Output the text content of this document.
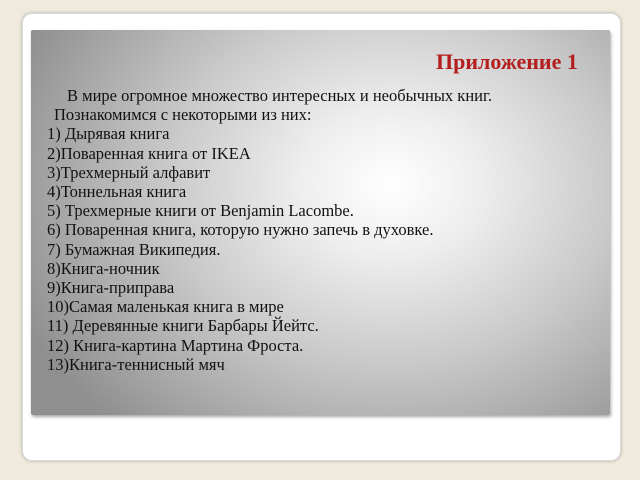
Приложение 1

В мире огромное множество интересных и необычных книг.

Познакомимся с некоторыми из них:

1) Дырявая книга
2)Поваренная книга от IKEA
3)Трехмерный алфавит
4)Тоннельная книга
5) Трехмерные книги от Benjamin Lacombe.
6) Поваренная книга, которую нужно запечь в духовке.
7) Бумажная Википедия.
8)Книга-ночник
9)Книга-приправа
10)Самая маленькая книга в мире
11) Деревянные книги Барбары Йейтс.
12) Книга-картина Мартина Фроста.
13)Книга-теннисный мяч
